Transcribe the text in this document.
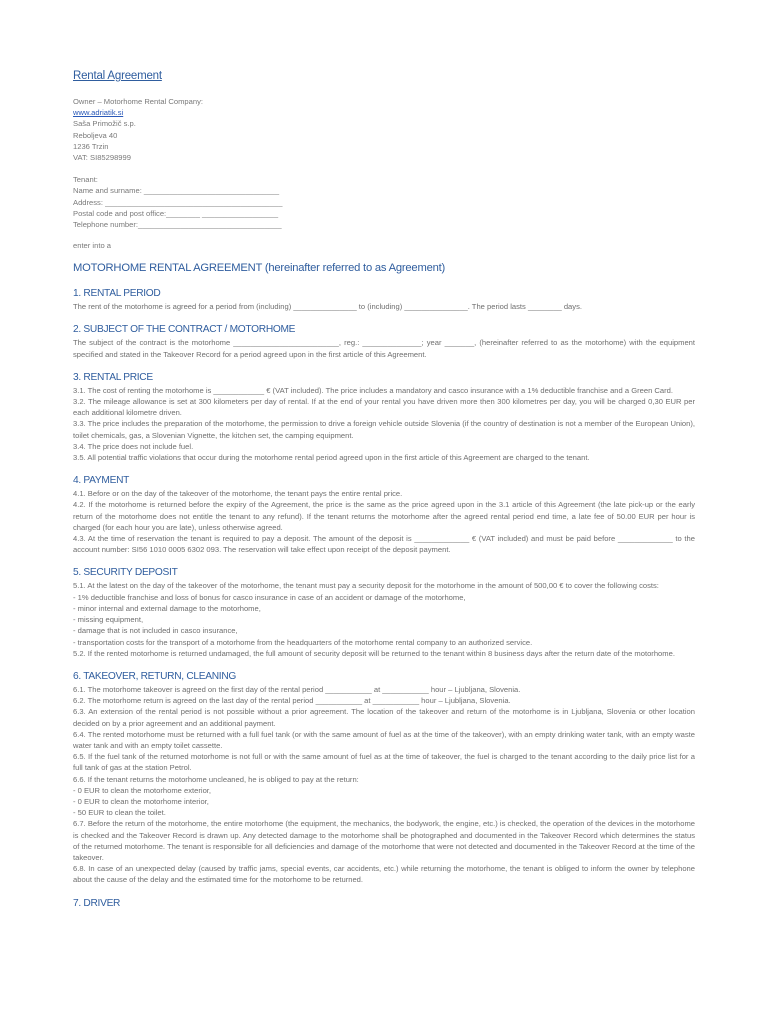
Rental Agreement
Owner – Motorhome Rental Company:
www.adriatik.si
Saša Primožič s.p.
Reboljeva 40
1236 Trzin
VAT: SI85298999
Tenant:
Name and surname: ________________________________
Address: __________________________________________
Postal code and post office:________ __________________
Telephone number:__________________________________
enter into a
MOTORHOME RENTAL AGREEMENT (hereinafter referred to as Agreement)
1. RENTAL PERIOD

The rent of the motorhome is agreed for a period from (including) _______________ to (including) _______________. The period lasts ________ days.

2. SUBJECT OF THE CONTRACT / MOTORHOME

The subject of the contract is the motorhome _________________________, reg.: ______________; year _______, (hereinafter referred to as the motorhome) with the equipment specified and stated in the Takeover Record for a period agreed upon in the first article of this Agreement.

3. RENTAL PRICE

3.1. The cost of renting the motorhome is ____________ € (VAT included). The price includes a mandatory and casco insurance with a 1% deductible franchise and a Green Card.

3.2. The mileage allowance is set at 300 kilometers per day of rental. If at the end of your rental you have driven more then 300 kilometres per day, you will be charged 0,30 EUR per each additional kilometre driven.

3.3. The price includes the preparation of the motorhome, the permission to drive a foreign vehicle outside Slovenia (if the country of destination is not a member of the European Union), toilet chemicals, gas, a Slovenian Vignette, the kitchen set, the camping equipment.

3.4. The price does not include fuel.

3.5. All potential traffic violations that occur during the motorhome rental period agreed upon in the first article of this Agreement are charged to the tenant.

4. PAYMENT

4.1. Before or on the day of the takeover of the motorhome, the tenant pays the entire rental price.

4.2. If the motorhome is returned before the expiry of the Agreement, the price is the same as the price agreed upon in the 3.1 article of this Agreement (the late pick-up or the early return of the motorhome does not entitle the tenant to any refund). If the tenant returns the motorhome after the agreed rental period end time, a late fee of 50.00 EUR per hour is charged (for each hour you are late), unless otherwise agreed.

4.3. At the time of reservation the tenant is required to pay a deposit. The amount of the deposit is _____________ € (VAT included) and must be paid before _____________ to the account number: SI56 1010 0005 6302 093. The reservation will take effect upon receipt of the deposit payment.

5. SECURITY DEPOSIT

5.1. At the latest on the day of the takeover of the motorhome, the tenant must pay a security deposit for the motorhome in the amount of 500,00 € to cover the following costs:

- 1% deductible franchise and loss of bonus for casco insurance in case of an accident or damage of the motorhome,

- minor internal and external damage to the motorhome,

- missing equipment,

- damage that is not included in casco insurance,

- transportation costs for the transport of a motorhome from the headquarters of the motorhome rental company to an authorized service.

5.2. If the rented motorhome is returned undamaged, the full amount of security deposit will be returned to the tenant within 8 business days after the return date of the motorhome.

6. TAKEOVER, RETURN, CLEANING

6.1. The motorhome takeover is agreed on the first day of the rental period ___________ at ___________ hour – Ljubljana, Slovenia.

6.2. The motorhome return is agreed on the last day of the rental period ___________ at ___________ hour – Ljubljana, Slovenia.

6.3. An extension of the rental period is not possible without a prior agreement. The location of the takeover and return of the motorhome is in Ljubljana, Slovenia or other location decided on by a prior agreement and an additional payment.

6.4. The rented motorhome must be returned with a full fuel tank (or with the same amount of fuel as at the time of the takeover), with an empty drinking water tank, with an empty waste water tank and with an empty toilet cassette.

6.5. If the fuel tank of the returned motorhome is not full or with the same amount of fuel as at the time of takeover, the fuel is charged to the tenant according to the daily price list for a full tank of gas at the station Petrol.

6.6. If the tenant returns the motorhome uncleaned, he is obliged to pay at the return:

- 0 EUR to clean the motorhome exterior,

- 0 EUR to clean the motorhome interior,

- 50 EUR to clean the toilet.

6.7. Before the return of the motorhome, the entire motorhome (the equipment, the mechanics, the bodywork, the engine, etc.) is checked, the operation of the devices in the motorhome is checked and the Takeover Record is drawn up. Any detected damage to the motorhome shall be photographed and documented in the Takeover Record which determines the status of the returned motorhome. The tenant is responsible for all deficiencies and damage of the motorhome that were not detected and documented in the Takeover Record at the time of the takeover.

6.8. In case of an unexpected delay (caused by traffic jams, special events, car accidents, etc.) while returning the motorhome, the tenant is obliged to inform the owner by telephone about the cause of the delay and the estimated time for the motorhome to be returned.

7. DRIVER
